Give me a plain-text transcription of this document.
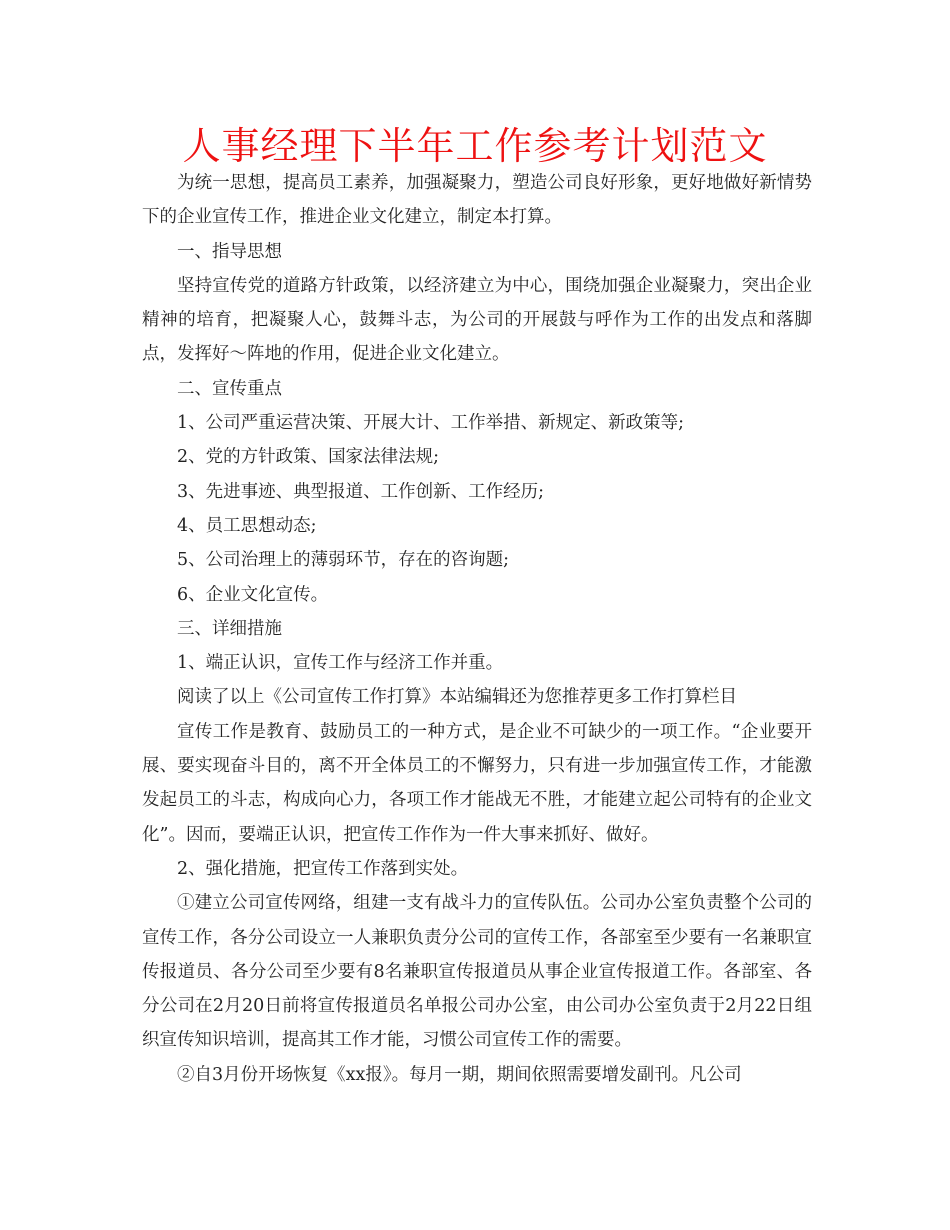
人事经理下半年工作参考计划范文

为统一思想，提高员工素养，加强凝聚力，塑造公司良好形象，更好地做好新情势下的企业宣传工作，推进企业文化建立，制定本打算。

一、指导思想

坚持宣传党的道路方针政策，以经济建立为中心，围绕加强企业凝聚力，突出企业精神的培育，把凝聚人心，鼓舞斗志，为公司的开展鼓与呼作为工作的出发点和落脚点，发挥好～阵地的作用，促进企业文化建立。

二、宣传重点

1、公司严重运营决策、开展大计、工作举措、新规定、新政策等;

2、党的方针政策、国家法律法规;

3、先进事迹、典型报道、工作创新、工作经历;

4、员工思想动态;

5、公司治理上的薄弱环节，存在的咨询题;

6、企业文化宣传。

三、详细措施

1、端正认识，宣传工作与经济工作并重。

阅读了以上《公司宣传工作打算》本站编辑还为您推荐更多工作打算栏目

宣传工作是教育、鼓励员工的一种方式，是企业不可缺少的一项工作。“企业要开展、要实现奋斗目的，离不开全体员工的不懈努力，只有进一步加强宣传工作，才能激发起员工的斗志，构成向心力，各项工作才能战无不胜，才能建立起公司特有的企业文化”。因而，要端正认识，把宣传工作作为一件大事来抓好、做好。

2、强化措施，把宣传工作落到实处。

①建立公司宣传网络，组建一支有战斗力的宣传队伍。公司办公室负责整个公司的宣传工作，各分公司设立一人兼职负责分公司的宣传工作，各部室至少要有一名兼职宣传报道员、各分公司至少要有8名兼职宣传报道员从事企业宣传报道工作。各部室、各分公司在2月20日前将宣传报道员名单报公司办公室，由公司办公室负责于2月22日组织宣传知识培训，提高其工作才能，习惯公司宣传工作的需要。

②自3月份开场恢复《xx报》。每月一期，期间依照需要增发副刊。凡公司
